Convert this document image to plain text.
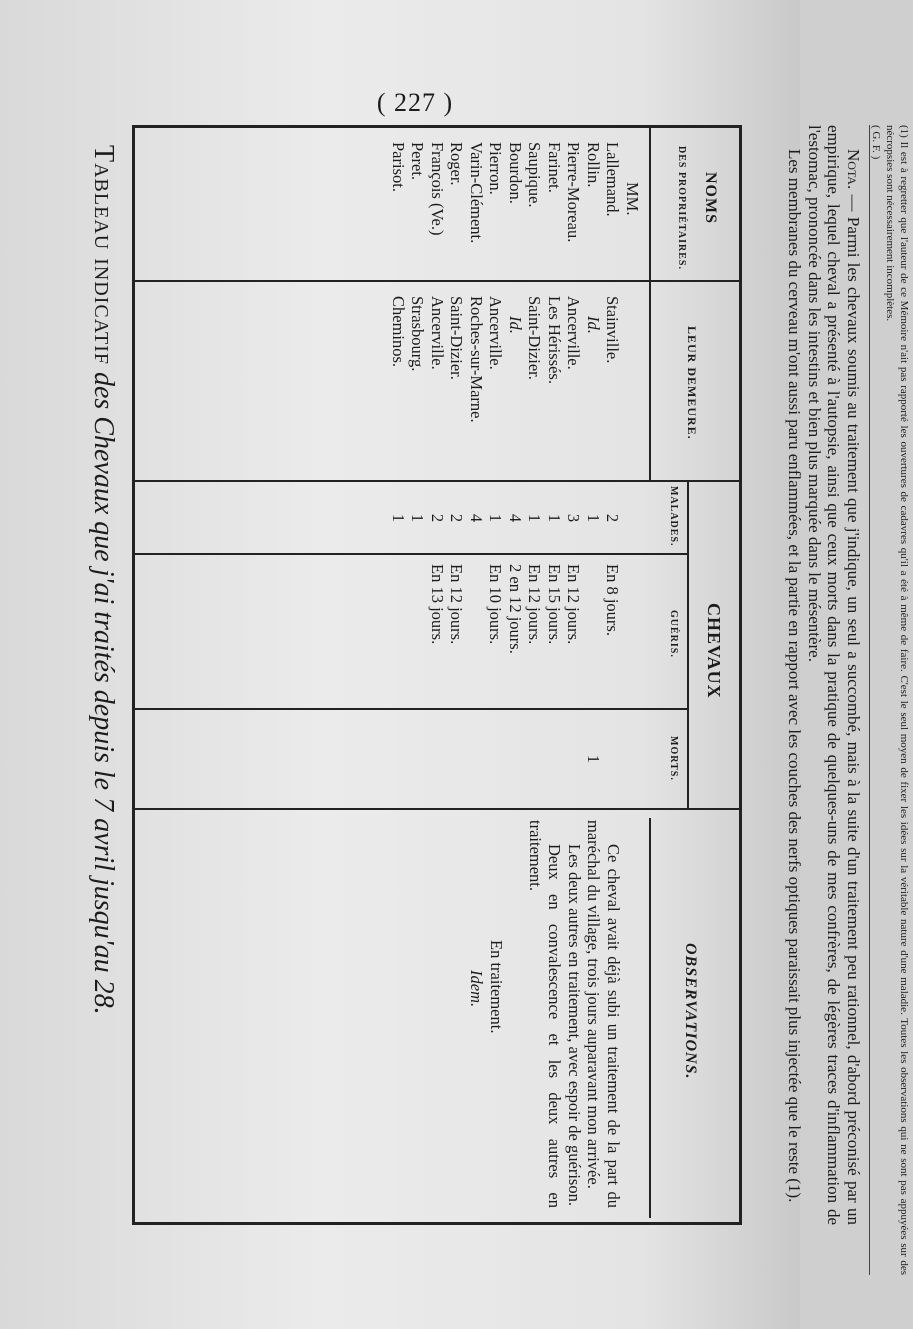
( 227 )
Tableau indicatif des Chevaux que j'ai traités depuis le 7 avril jusqu'au 28.
NOMS
DES PROPRIÉTAIRES.
LEUR DEMEURE.
CHEVAUX
MALADES.
GUÉRIS.
MORTS.
OBSERVATIONS.
MM.
Lallemand.
Rollin.
Pierre-Moreau.
Farinet.
Saupique.
Bourdon.
Pierron.
Varin-Clément.
Roger.
François (Ve.)
Peret.
Parisot.
Stainville.
Id.
Ancerville.
Les Hérissés.
Saint-Dizier.
Id.
Ancerville.
Roches-sur-Marne.
Saint-Dizier.
Ancerville.
Strasbourg.
Cheminos.
2
1
3
1
1
4
1
4
2
2
1
1
En 8 jours.
En 12 jours.
En 15 jours.
En 12 jours.
2 en 12 jours.
En 10 jours.
En 12 jours.
En 13 jours.
1

Ce cheval avait déjà subi un traitement de la part du maréchal du village, trois jours auparavant mon arrivée.

Les deux autres en traitement, avec espoir de guérison.

Deux en convalescence et les deux autres en traitement.

En traitement.

Idem.

Nota. — Parmi les chevaux soumis au traitement que j'indique, un seul a succombé, mais à la suite d'un traitement peu rationnel, d'abord préconisé par un empirique, lequel cheval a présenté à l'autopsie, ainsi que ceux morts dans la pratique de quelques-uns de mes confrères, de légères traces d'inflammation de l'estomac, prononcée dans les intestins et bien plus marquée dans le mésentère.

Les membranes du cerveau m'ont aussi paru enflammées, et la partie en rapport avec les couches des nerfs optiques paraissait plus injectée que le reste (1).	(1) Il est à regretter que l'auteur de ce Mémoire n'ait pas rapporté les ouvertures de cadavres qu'il a été à même de faire. C'est le seul moyen de fixer les idées sur la véritable nature d'une maladie. Toutes les observations qui ne sont pas appuyées sur des nécropsies sont nécessairement incomplètes.
( G. F. )
